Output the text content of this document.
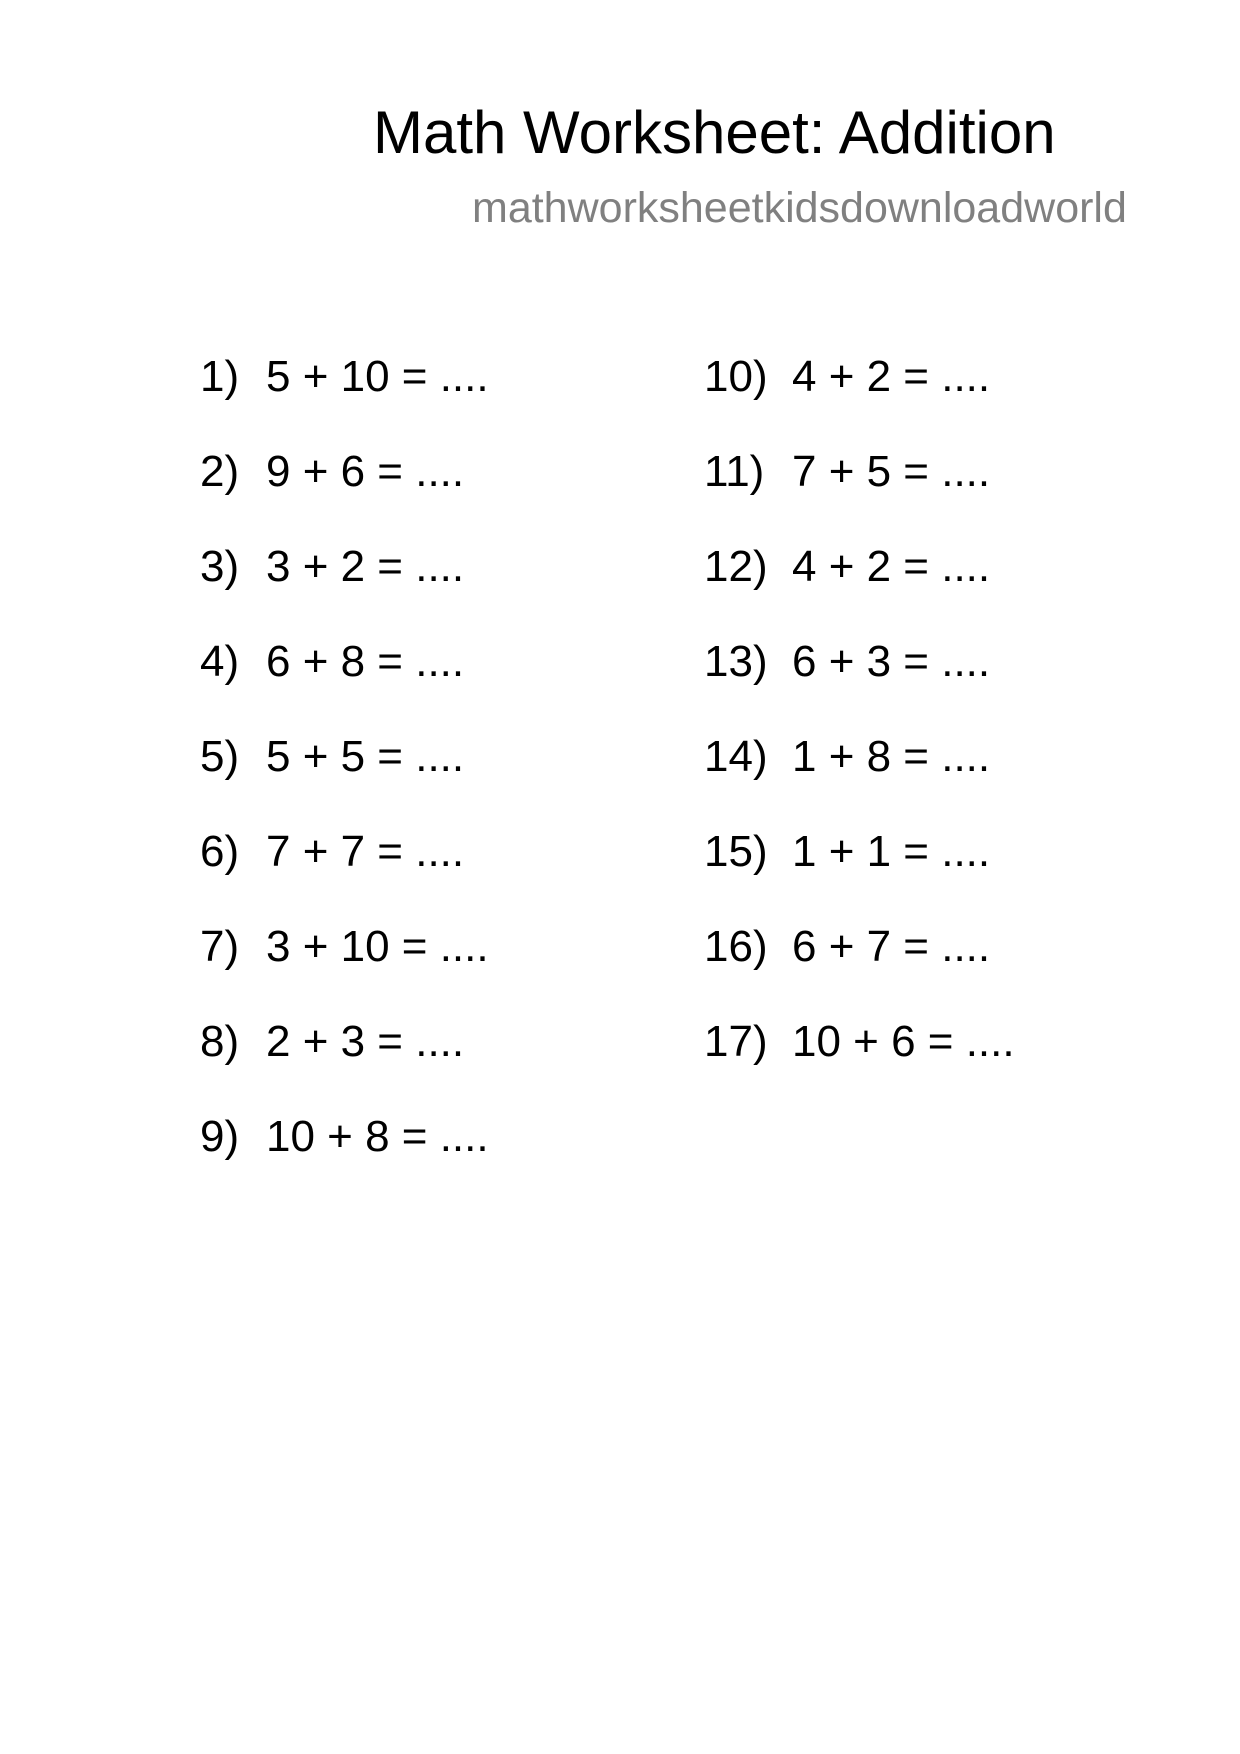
Math Worksheet: Addition
mathworksheetkidsdownloadworld
1) 5 + 10 = ....
2) 9 + 6 = ....
3) 3 + 2 = ....
4) 6 + 8 = ....
5) 5 + 5 = ....
6) 7 + 7 = ....
7) 3 + 10 = ....
8) 2 + 3 = ....
9) 10 + 8 = ....
10) 4 + 2 = ....
11) 7 + 5 = ....
12) 4 + 2 = ....
13) 6 + 3 = ....
14) 1 + 8 = ....
15) 1 + 1 = ....
16) 6 + 7 = ....
17) 10 + 6 = ....
